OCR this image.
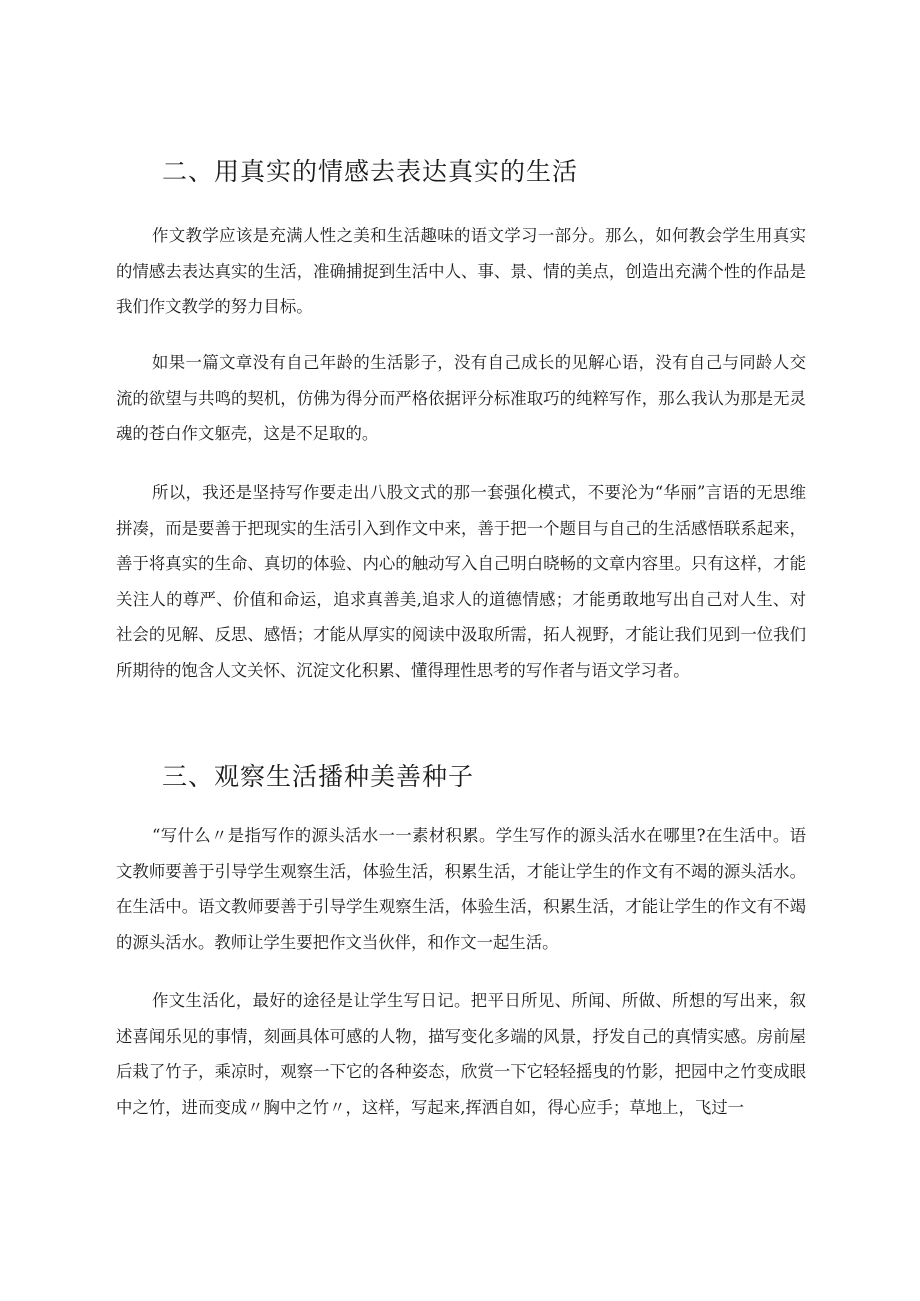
二、用真实的情感去表达真实的生活

作文教学应该是充满人性之美和生活趣味的语文学习一部分。那么，如何教会学生用真实的情感去表达真实的生活，准确捕捉到生活中人、事、景、情的美点，创造出充满个性的作品是我们作文教学的努力目标。

如果一篇文章没有自己年龄的生活影子，没有自己成长的见解心语，没有自己与同龄人交流的欲望与共鸣的契机，仿佛为得分而严格依据评分标准取巧的纯粹写作，那么我认为那是无灵魂的苍白作文躯壳，这是不足取的。

所以，我还是坚持写作要走出八股文式的那一套强化模式，不要沦为“华丽”言语的无思维拼凑，而是要善于把现实的生活引入到作文中来，善于把一个题目与自己的生活感悟联系起来，善于将真实的生命、真切的体验、内心的触动写入自己明白晓畅的文章内容里。只有这样，才能关注人的尊严、价值和命运，追求真善美,追求人的道德情感；才能勇敢地写出自己对人生、对社会的见解、反思、感悟；才能从厚实的阅读中汲取所需，拓人视野，才能让我们见到一位我们所期待的饱含人文关怀、沉淀文化积累、懂得理性思考的写作者与语文学习者。

三、观察生活播种美善种子

“写什么〃是指写作的源头活水一一素材积累。学生写作的源头活水在哪里?在生活中。语文教师要善于引导学生观察生活，体验生活，积累生活，才能让学生的作文有不竭的源头活水。在生活中。语文教师要善于引导学生观察生活，体验生活，积累生活，才能让学生的作文有不竭的源头活水。教师让学生要把作文当伙伴，和作文一起生活。

作文生活化，最好的途径是让学生写日记。把平日所见、所闻、所做、所想的写出来，叙述喜闻乐见的事情，刻画具体可感的人物，描写变化多端的风景，抒发自己的真情实感。房前屋后栽了竹子，乘凉时，观察一下它的各种姿态，欣赏一下它轻轻摇曳的竹影，把园中之竹变成眼中之竹，进而变成〃胸中之竹〃，这样，写起来,挥洒自如，得心应手；草地上，飞过一
